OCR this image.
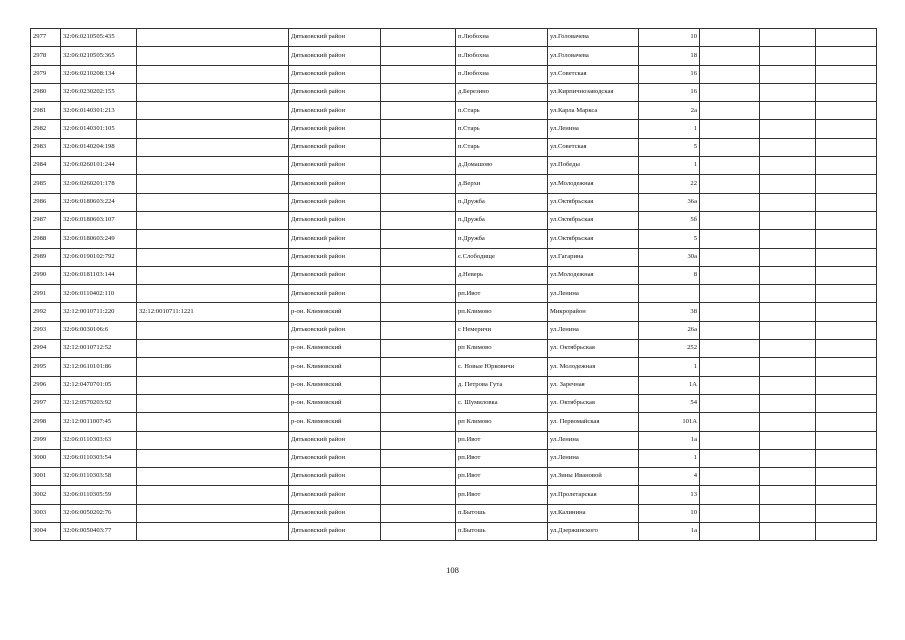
2977	32:06:0210505:435		Дятьковский район		п.Любохна	ул.Головачева	10			
2978	32:06:0210505:365		Дятьковский район		п.Любохна	ул.Головачева	18			
2979	32:06:0210208:134		Дятьковский район		п.Любохна	ул.Советская	16			
2980	32:06:0230202:155		Дятьковский район		д.Березино	ул.Кирпичнозаводская	16			
2981	32:06:0140301:213		Дятьковский район		п.Старь	ул.Карла Маркса	2а			
2982	32:06:0140301:105		Дятьковский район		п.Старь	ул.Ленина	1			
2983	32:06:0140204:198		Дятьковский район		п.Старь	ул.Советская	5			
2984	32:06:0260101:244		Дятьковский район		д.Домашово	ул.Победы	1			
2985	32:06:0260201:178		Дятьковский район		д.Верхи	ул.Молодежная	22			
2986	32:06:0180603:224		Дятьковский район		п.Дружба	ул.Октябрьская	36а			
2987	32:06:0180603:107		Дятьковский район		п.Дружба	ул.Октябрьская	5б			
2988	32:06:0180603:249		Дятьковский район		п.Дружба	ул.Октябрьская	5			
2989	32:06:0190102:792		Дятьковский район		с.Слободище	ул.Гагарина	30а			
2990	32:06:0181103:144		Дятьковский район		д.Неверь	ул.Молодежная	8			
2991	32:06:0110402:110		Дятьковский район		рп.Ивот	ул.Ленина				
2992	32:12:0010711:220	32:12:0010711:1221	р-он. Климовский		рп.Климово	Микрорайон	38			
2993	32:06:0030106:6		Дятьковский район		с Немеричи	ул.Ленина	26а			
2994	32:12:0010712:52		р-он. Климовский		рп Климово	ул. Октябрьская	252			
2995	32:12:0610101:86		р-он. Климовский		с. Новые Юрковичи	ул. Молодежная	1			
2996	32:12:0470701:05		р-он. Климовский		д. Петрова Гута	ул. Заречная	1А			
2997	32:12:0570203:92		р-он. Климовский		с. Шумиловка	ул. Октябрьская	54			
2998	32:12:0011007:45		р-он. Климовский		рп Климово	ул. Первомайская	101А			
2999	32:06:0110303:63		Дятьковский район		рп.Ивот	ул.Ленина	1а			
3000	32:06:0110303:54		Дятьковский район		рп.Ивот	ул.Ленина	1			
3001	32:06:0110303:58		Дятьковский район		рп.Ивот	ул.Зины Ивановой	4			
3002	32:06:0110305:59		Дятьковский район		рп.Ивот	ул.Пролетарская	13			
3003	32:06:0050202:76		Дятьковский район		п.Бытошь	ул.Калинина	10			
3004	32:06:0050403:77		Дятьковский район		п.Бытошь	ул.Дзержинского	1а			
108
